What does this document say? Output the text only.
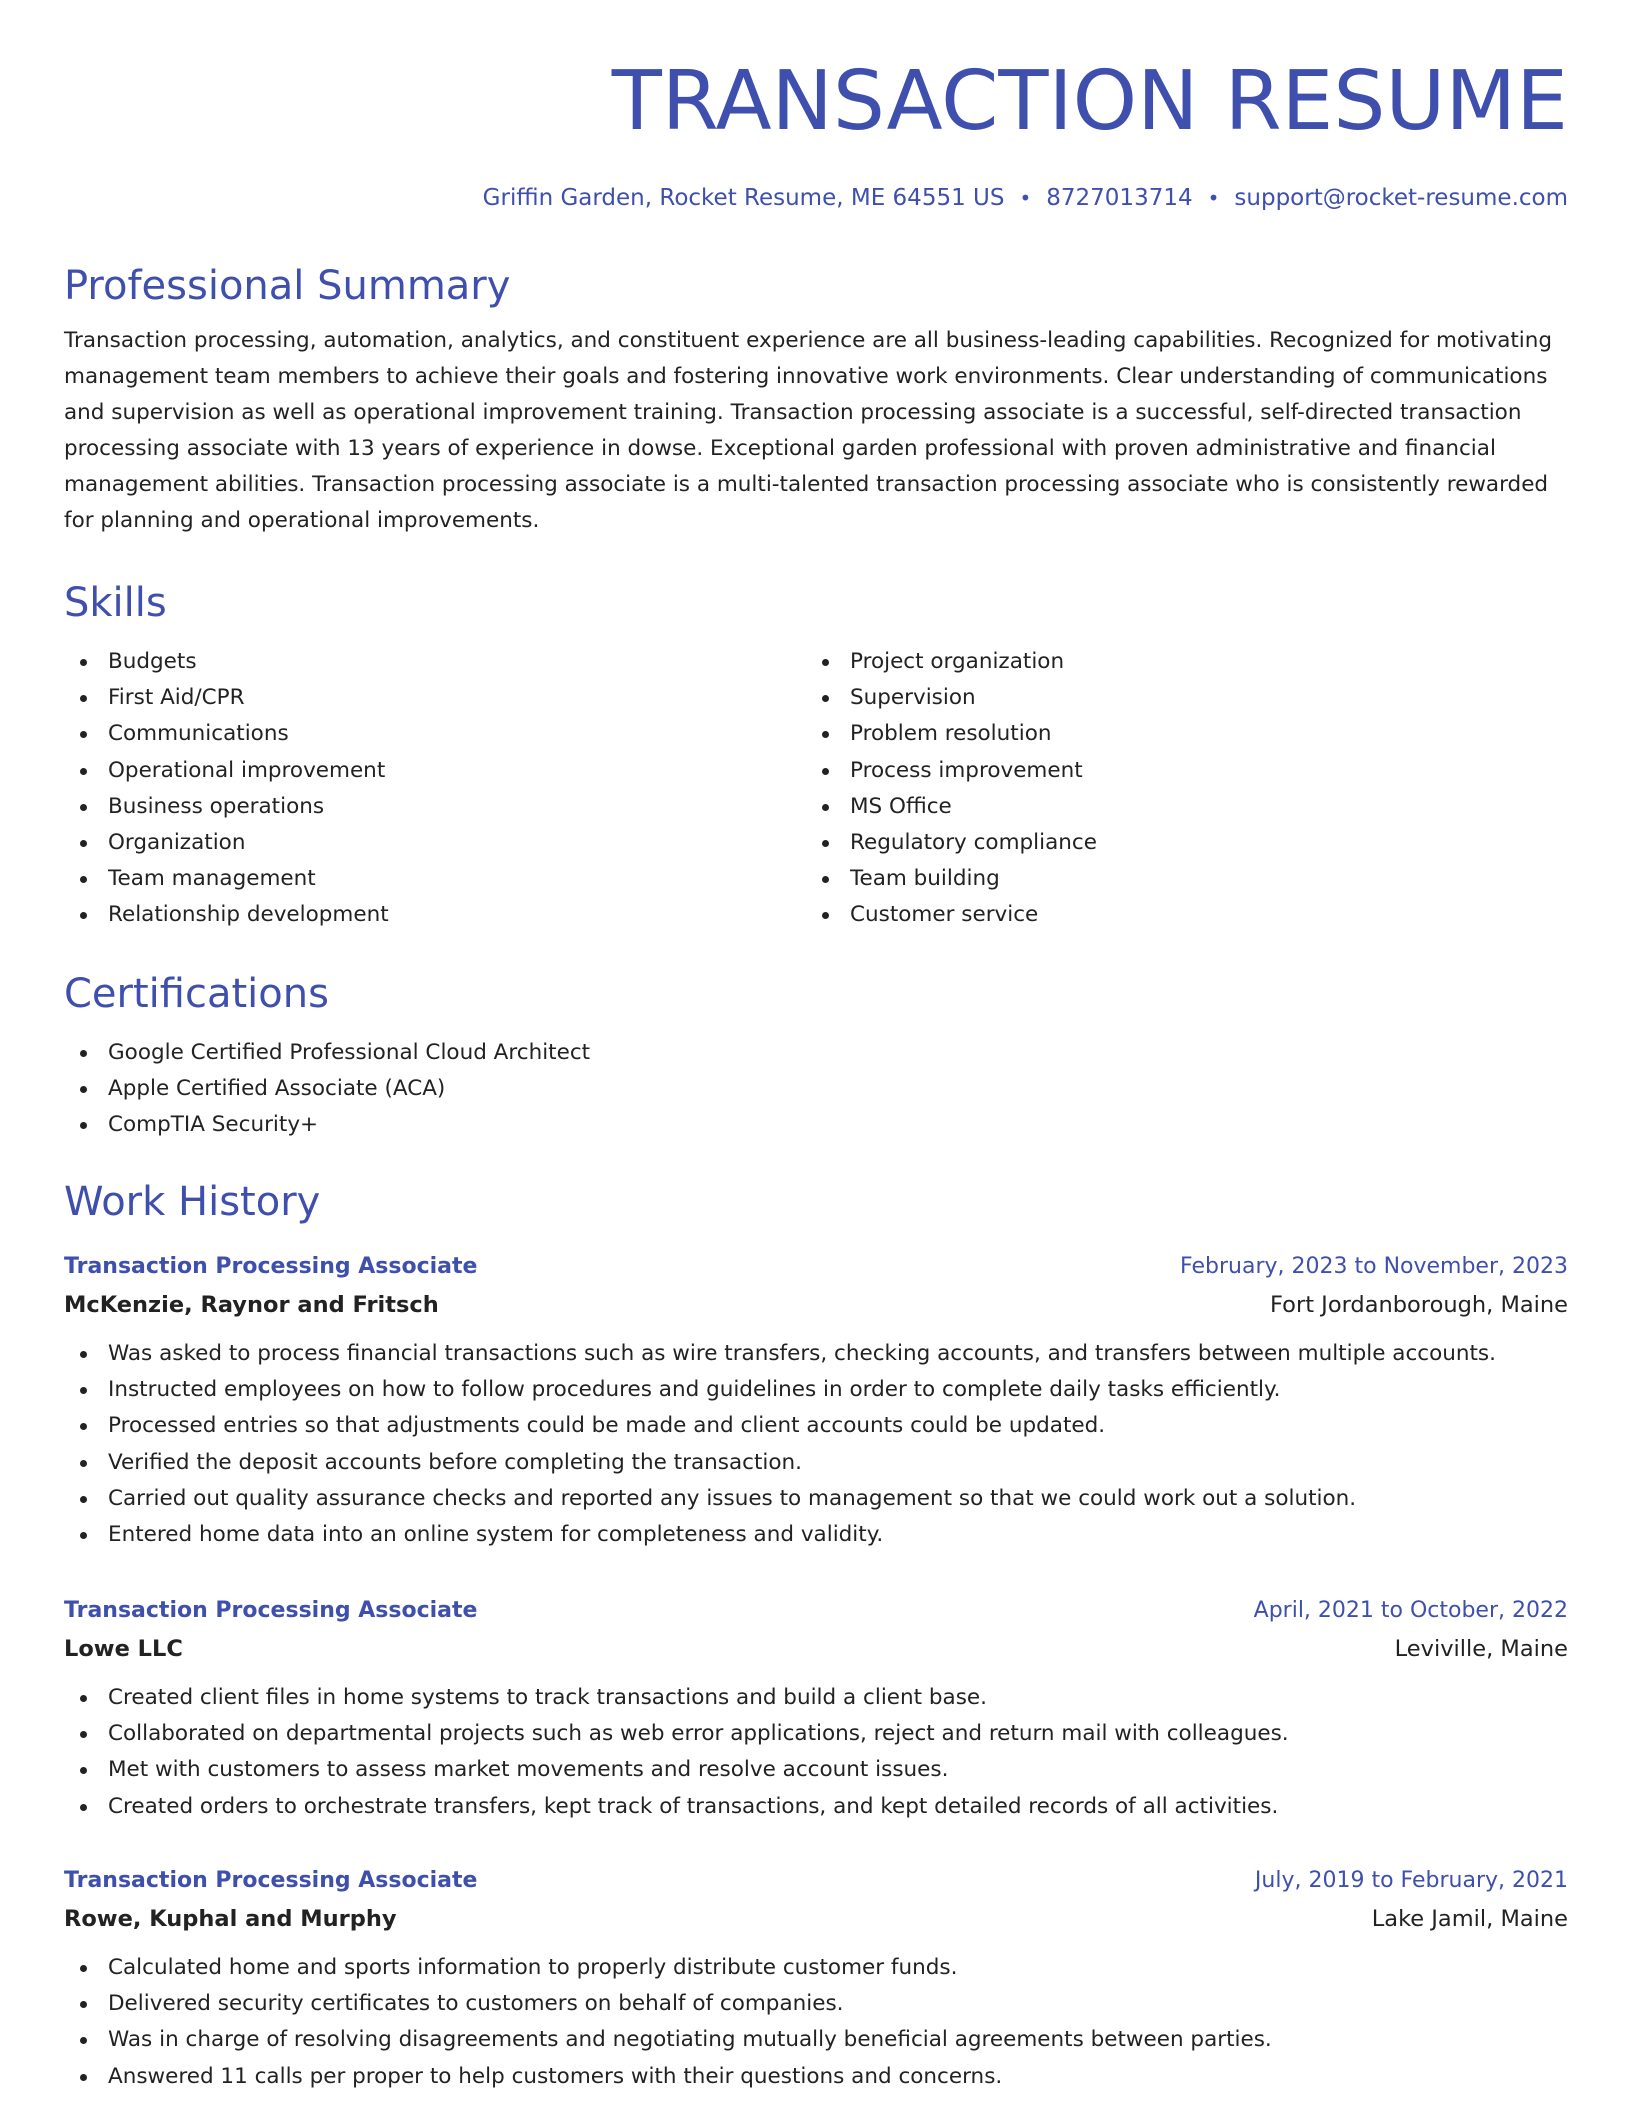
TRANSACTION RESUME
Griffin Garden, Rocket Resume, ME 64551 US • 8727013714 • support@rocket-resume.com
Professional Summary

Transaction processing, automation, analytics, and constituent experience are all business-leading capabilities. Recognized for motivating management team members to achieve their goals and fostering innovative work environments. Clear understanding of communications and supervision as well as operational improvement training. Transaction processing associate is a successful, self-directed transaction processing associate with 13 years of experience in dowse. Exceptional garden professional with proven administrative and financial management abilities. Transaction processing associate is a multi-talented transaction processing associate who is consistently rewarded for planning and operational improvements.

Skills
Budgets
First Aid/CPR
Communications
Operational improvement
Business operations
Organization
Team management
Relationship development
Project organization
Supervision
Problem resolution
Process improvement
MS Office
Regulatory compliance
Team building
Customer service
Certifications
Google Certified Professional Cloud Architect
Apple Certified Associate (ACA)
CompTIA Security+
Work History
Transaction Processing Associate	February, 2023 to November, 2023
McKenzie, Raynor and Fritsch	Fort Jordanborough, Maine
Was asked to process financial transactions such as wire transfers, checking accounts, and transfers between multiple accounts.
Instructed employees on how to follow procedures and guidelines in order to complete daily tasks efficiently.
Processed entries so that adjustments could be made and client accounts could be updated.
Verified the deposit accounts before completing the transaction.
Carried out quality assurance checks and reported any issues to management so that we could work out a solution.
Entered home data into an online system for completeness and validity.
Transaction Processing Associate	April, 2021 to October, 2022
Lowe LLC	Leviville, Maine
Created client files in home systems to track transactions and build a client base.
Collaborated on departmental projects such as web error applications, reject and return mail with colleagues.
Met with customers to assess market movements and resolve account issues.
Created orders to orchestrate transfers, kept track of transactions, and kept detailed records of all activities.
Transaction Processing Associate	July, 2019 to February, 2021
Rowe, Kuphal and Murphy	Lake Jamil, Maine
Calculated home and sports information to properly distribute customer funds.
Delivered security certificates to customers on behalf of companies.
Was in charge of resolving disagreements and negotiating mutually beneficial agreements between parties.
Answered 11 calls per proper to help customers with their questions and concerns.
